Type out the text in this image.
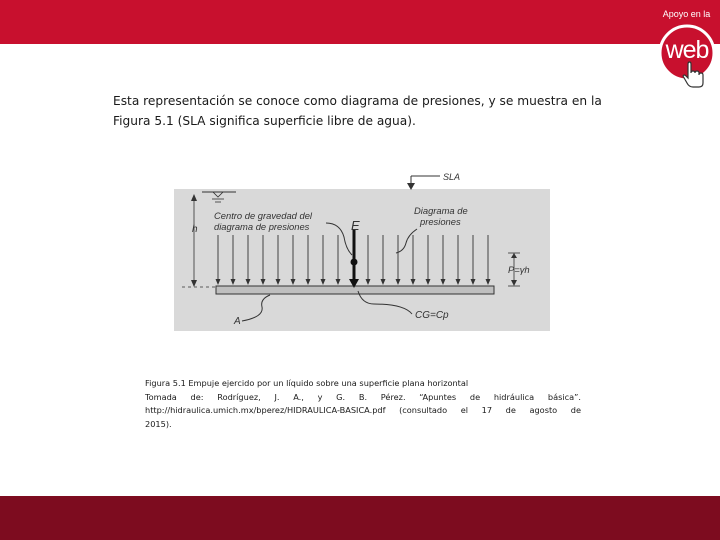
Apoyo en la
web
Esta representación se conoce como diagrama de presiones, y se muestra en la Figura 5.1 (SLA significa superficie libre de agua).
SLA
h	E
Centro de gravedad del
diagrama de presiones
Diagrama de
presiones
P=γh
A
CG=Cp
Figura 5.1 Empuje ejercido por un líquido sobre una superficie plana horizontal
Tomada de: Rodríguez, J. A., y G. B. Pérez. “Apuntes de hidráulica básica”.
http://hidraulica.umich.mx/bperez/HIDRAULICA-BASICA.pdf (consultado el 17 de agosto de
2015).
